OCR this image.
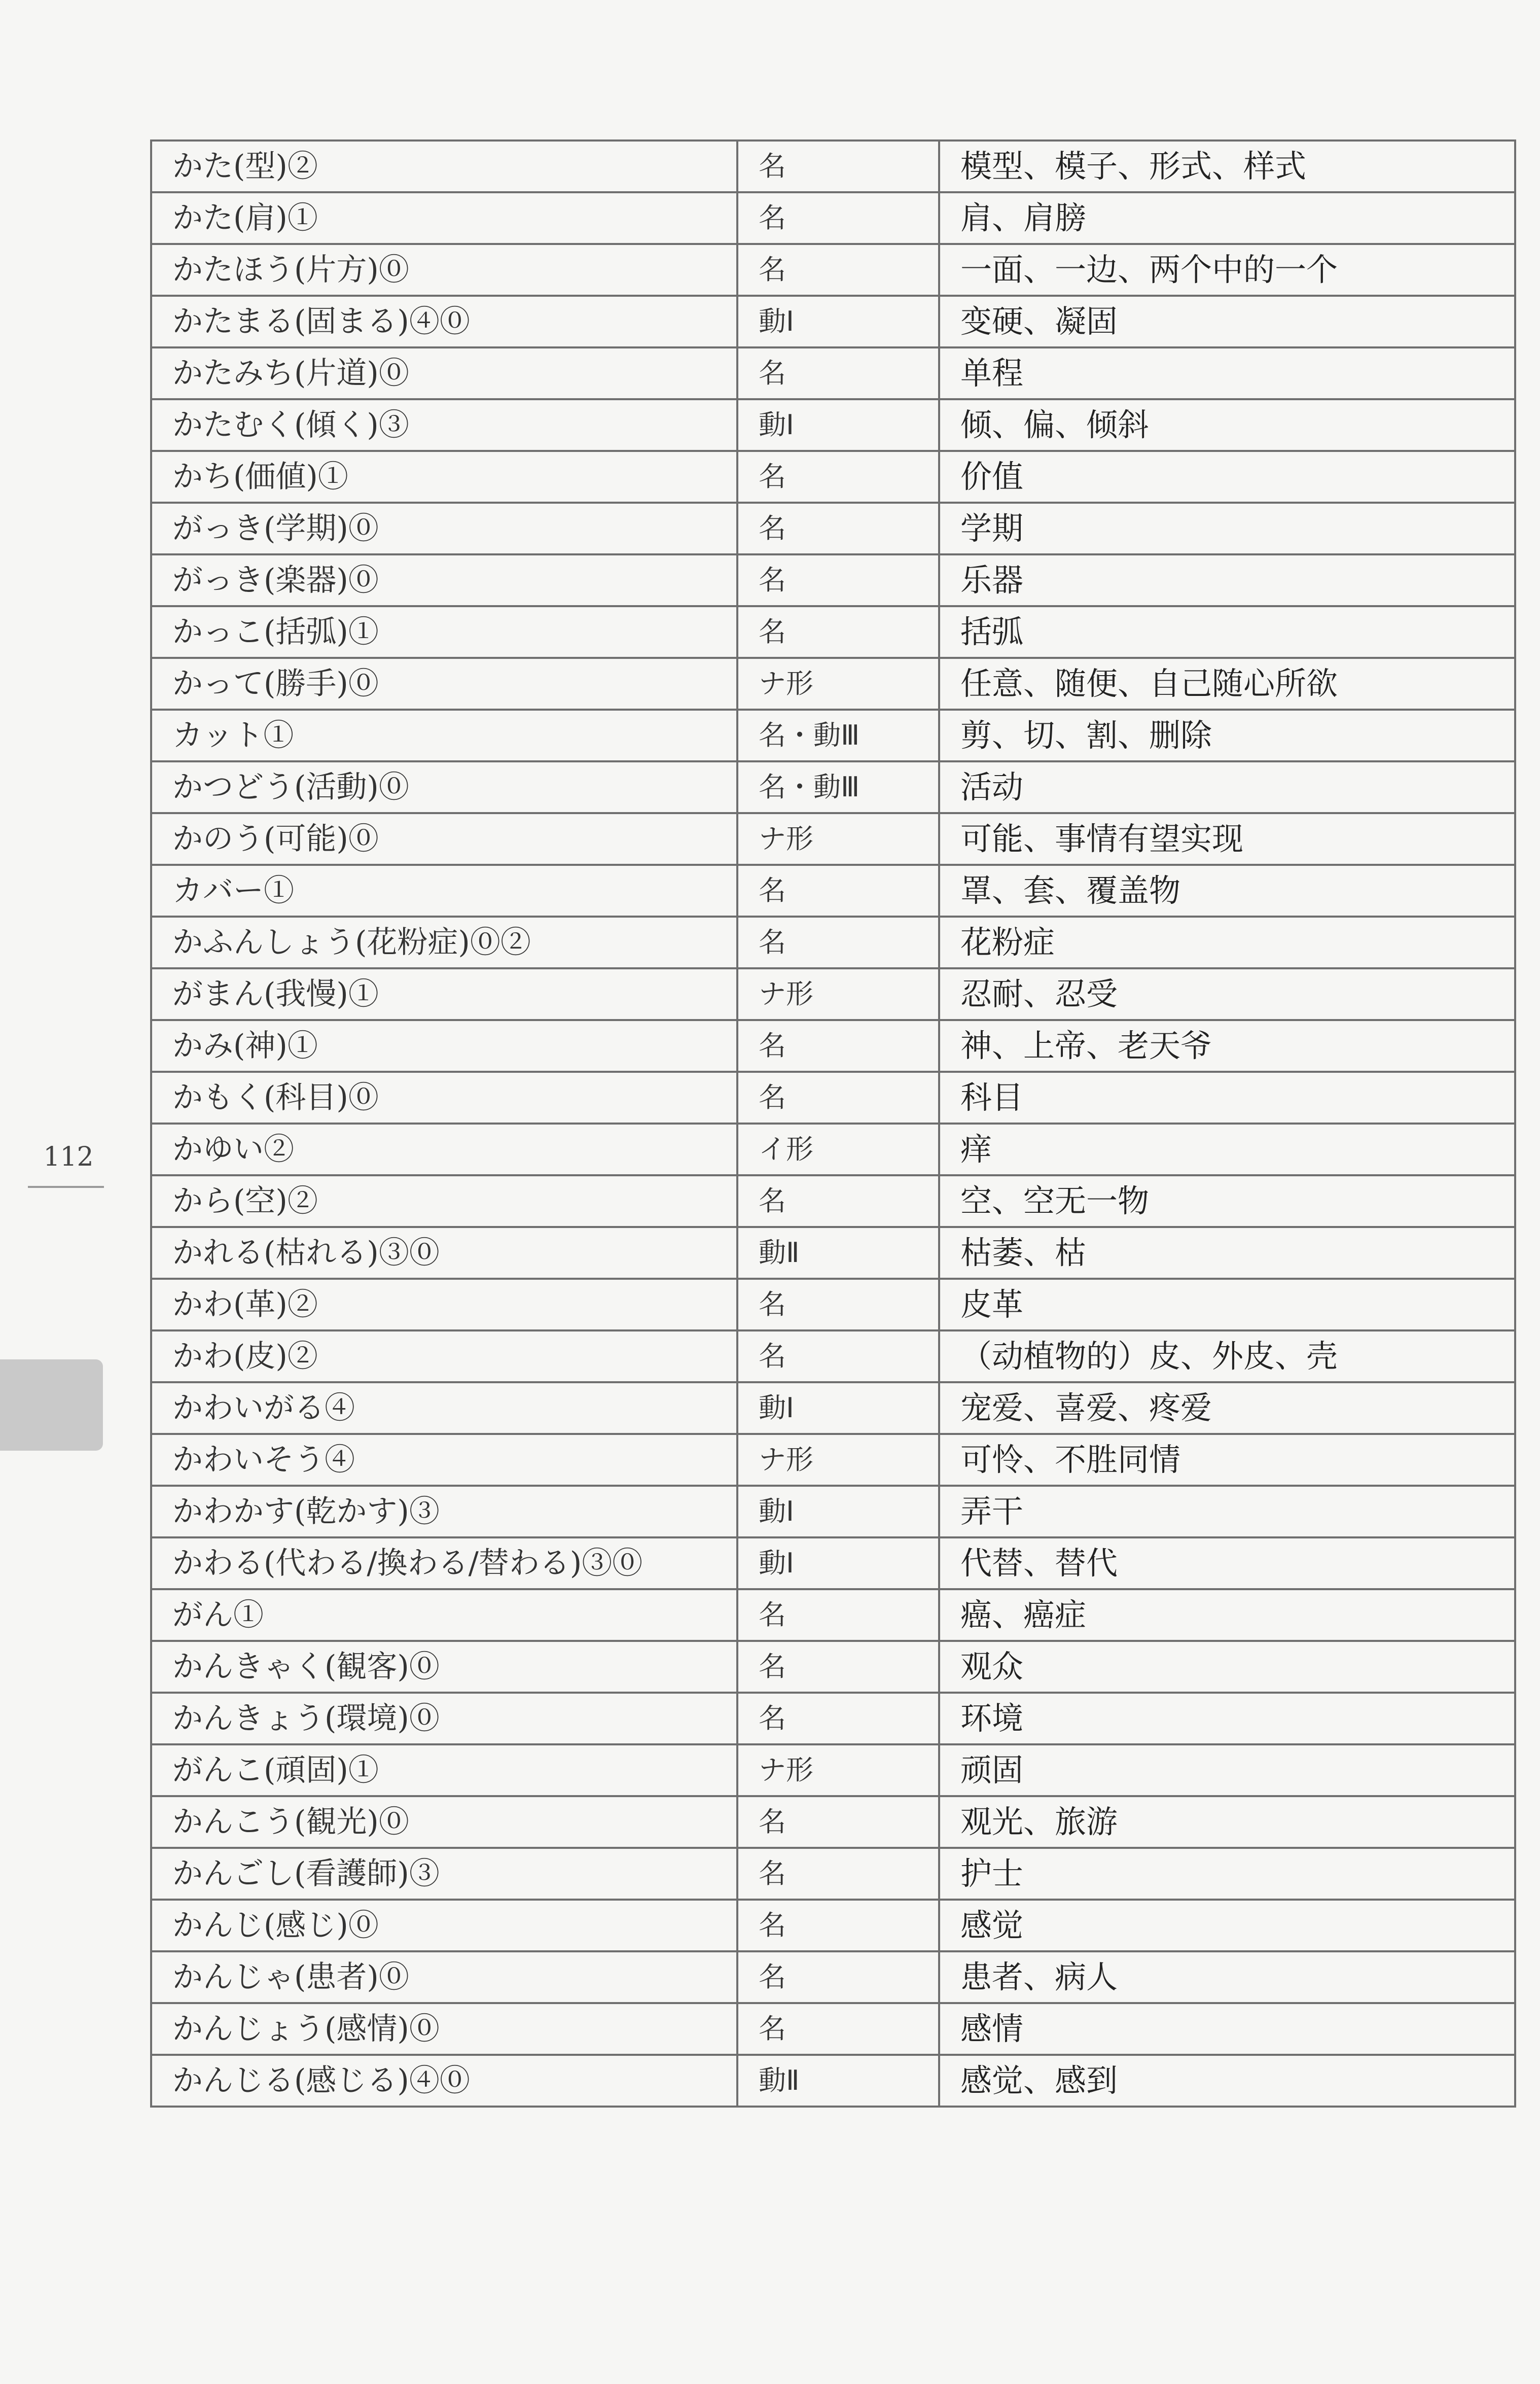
112
かた(型)②	名	模型、模子、形式、样式
かた(肩)①	名	肩、肩膀
かたほう(片方)⓪	名	一面、一边、两个中的一个
かたまる(固まる)④⓪	動Ⅰ	变硬、凝固
かたみち(片道)⓪	名	单程
かたむく(傾く)③	動Ⅰ	倾、偏、倾斜
かち(価値)①	名	价值
がっき(学期)⓪	名	学期
がっき(楽器)⓪	名	乐器
かっこ(括弧)①	名	括弧
かって(勝手)⓪	ナ形	任意、随便、自己随心所欲
カット①	名・動Ⅲ	剪、切、割、删除
かつどう(活動)⓪	名・動Ⅲ	活动
かのう(可能)⓪	ナ形	可能、事情有望实现
カバー①	名	罩、套、覆盖物
かふんしょう(花粉症)⓪②	名	花粉症
がまん(我慢)①	ナ形	忍耐、忍受
かみ(神)①	名	神、上帝、老天爷
かもく(科目)⓪	名	科目
かゆい②	イ形	痒
から(空)②	名	空、空无一物
かれる(枯れる)③⓪	動Ⅱ	枯萎、枯
かわ(革)②	名	皮革
かわ(皮)②	名	（动植物的）皮、外皮、壳
かわいがる④	動Ⅰ	宠爱、喜爱、疼爱
かわいそう④	ナ形	可怜、不胜同情
かわかす(乾かす)③	動Ⅰ	弄干
かわる(代わる/換わる/替わる)③⓪	動Ⅰ	代替、替代
がん①	名	癌、癌症
かんきゃく(観客)⓪	名	观众
かんきょう(環境)⓪	名	环境
がんこ(頑固)①	ナ形	顽固
かんこう(観光)⓪	名	观光、旅游
かんごし(看護師)③	名	护士
かんじ(感じ)⓪	名	感觉
かんじゃ(患者)⓪	名	患者、病人
かんじょう(感情)⓪	名	感情
かんじる(感じる)④⓪	動Ⅱ	感觉、感到
